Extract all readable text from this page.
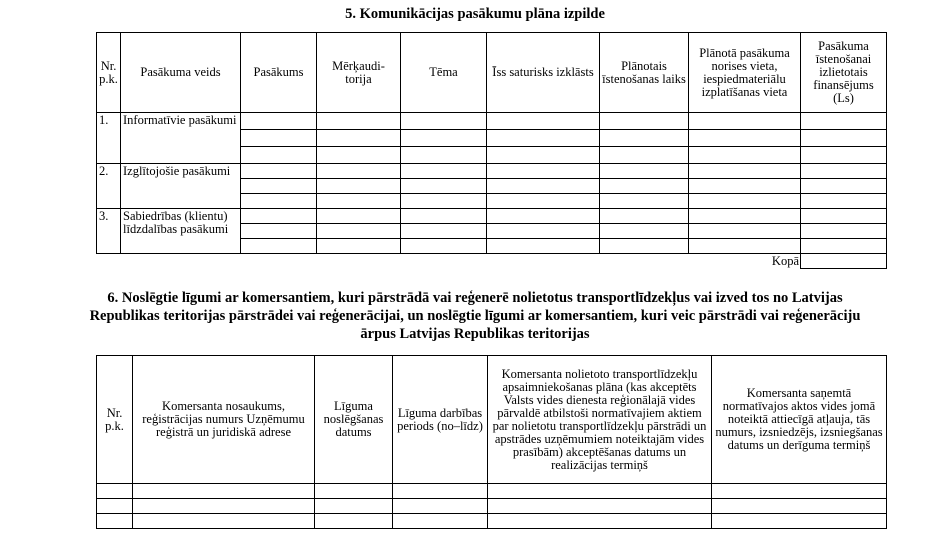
5. Komunikācijas pasākumu plāna izpilde
Nr. p.k.	Pasākuma veids	Pasākums	Mērķaudi-torija	Tēma	Īss saturisks izklāsts	Plānotais īstenošanas laiks	Plānotā pasākuma norises vieta, iespiedmateriālu izplatīšanas vieta	Pasākuma īstenošanai izlietotais finansējums (Ls)
1.	Informatīvie pasākumi							

2.	Izglītojošie pasākumi							

3.	Sabiedrības (klientu) līdzdalības pasākumi							

							Kopā	
6. Noslēgtie līgumi ar komersantiem, kuri pārstrādā vai reģenerē nolietotus transportlīdzekļus vai izved tos no Latvijas Republikas teritorijas pārstrādei vai reģenerācijai, un noslēgtie līgumi ar komersantiem, kuri veic pārstrādi vai reģenerāciju ārpus Latvijas Republikas teritorijas
Nr. p.k.	Komersanta nosaukums, reģistrācijas numurs Uzņēmumu reģistrā un juridiskā adrese	Līguma noslēgšanas datums	Līguma darbības periods (no–līdz)	Komersanta nolietoto transportlīdzekļu apsaimniekošanas plāna (kas akceptēts Valsts vides dienesta reģionālajā vides pārvaldē atbilstoši normatīvajiem aktiem par nolietotu transportlīdzekļu pārstrādi un apstrādes uzņēmumiem noteiktajām vides prasībām) akceptēšanas datums un realizācijas termiņš	Komersanta saņemtā normatīvajos aktos vides jomā noteiktā attiecīgā atļauja, tās numurs, izsniedzējs, izsniegšanas datums un derīguma termiņš
